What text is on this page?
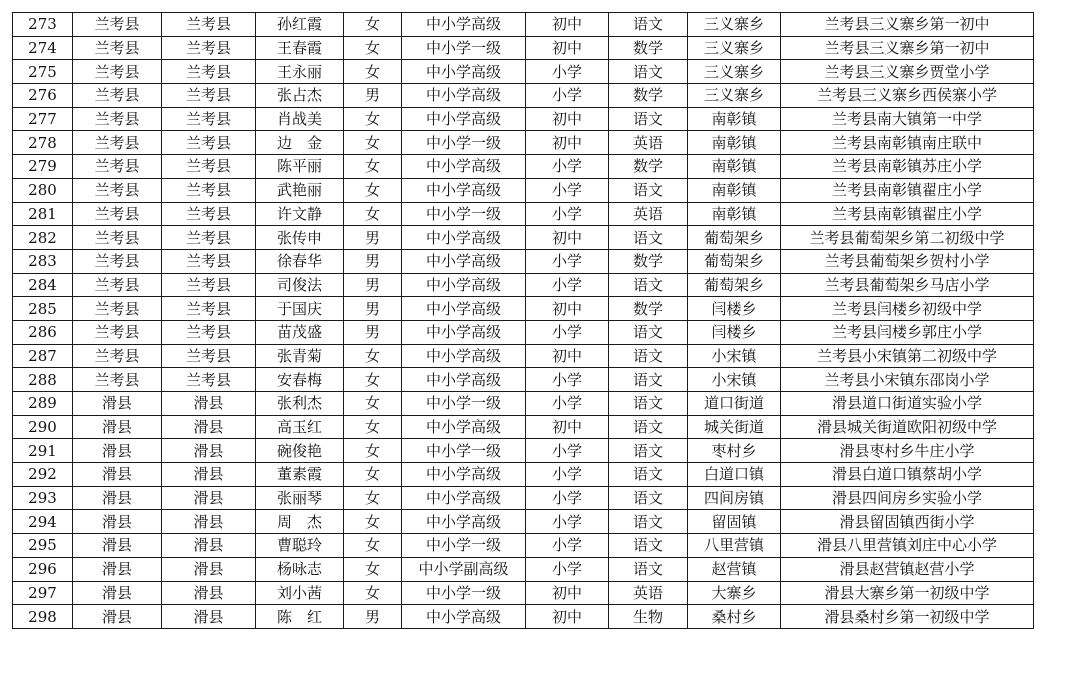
273	兰考县	兰考县	孙红霞	女	中小学高级	初中	语文	三义寨乡	兰考县三义寨乡第一初中
274	兰考县	兰考县	王春霞	女	中小学一级	初中	数学	三义寨乡	兰考县三义寨乡第一初中
275	兰考县	兰考县	王永丽	女	中小学高级	小学	语文	三义寨乡	兰考县三义寨乡贾堂小学
276	兰考县	兰考县	张占杰	男	中小学高级	小学	数学	三义寨乡	兰考县三义寨乡西侯寨小学
277	兰考县	兰考县	肖战美	女	中小学高级	初中	语文	南彰镇	兰考县南大镇第一中学
278	兰考县	兰考县	边　金	女	中小学一级	初中	英语	南彰镇	兰考县南彰镇南庄联中
279	兰考县	兰考县	陈平丽	女	中小学高级	小学	数学	南彰镇	兰考县南彰镇苏庄小学
280	兰考县	兰考县	武艳丽	女	中小学高级	小学	语文	南彰镇	兰考县南彰镇翟庄小学
281	兰考县	兰考县	许文静	女	中小学一级	小学	英语	南彰镇	兰考县南彰镇翟庄小学
282	兰考县	兰考县	张传申	男	中小学高级	初中	语文	葡萄架乡	兰考县葡萄架乡第二初级中学
283	兰考县	兰考县	徐春华	男	中小学高级	小学	数学	葡萄架乡	兰考县葡萄架乡贺村小学
284	兰考县	兰考县	司俊法	男	中小学高级	小学	语文	葡萄架乡	兰考县葡萄架乡马店小学
285	兰考县	兰考县	于国庆	男	中小学高级	初中	数学	闫楼乡	兰考县闫楼乡初级中学
286	兰考县	兰考县	苗茂盛	男	中小学高级	小学	语文	闫楼乡	兰考县闫楼乡郭庄小学
287	兰考县	兰考县	张青菊	女	中小学高级	初中	语文	小宋镇	兰考县小宋镇第二初级中学
288	兰考县	兰考县	安春梅	女	中小学高级	小学	语文	小宋镇	兰考县小宋镇东邵岗小学
289	滑县	滑县	张利杰	女	中小学一级	小学	语文	道口街道	滑县道口街道实验小学
290	滑县	滑县	高玉红	女	中小学高级	初中	语文	城关街道	滑县城关街道欧阳初级中学
291	滑县	滑县	碗俊艳	女	中小学一级	小学	语文	枣村乡	滑县枣村乡牛庄小学
292	滑县	滑县	董素霞	女	中小学高级	小学	语文	白道口镇	滑县白道口镇蔡胡小学
293	滑县	滑县	张丽琴	女	中小学高级	小学	语文	四间房镇	滑县四间房乡实验小学
294	滑县	滑县	周　杰	女	中小学高级	小学	语文	留固镇	滑县留固镇西街小学
295	滑县	滑县	曹聪玲	女	中小学一级	小学	语文	八里营镇	滑县八里营镇刘庄中心小学
296	滑县	滑县	杨咏志	女	中小学副高级	小学	语文	赵营镇	滑县赵营镇赵营小学
297	滑县	滑县	刘小茜	女	中小学一级	初中	英语	大寨乡	滑县大寨乡第一初级中学
298	滑县	滑县	陈　红	男	中小学高级	初中	生物	桑村乡	滑县桑村乡第一初级中学
